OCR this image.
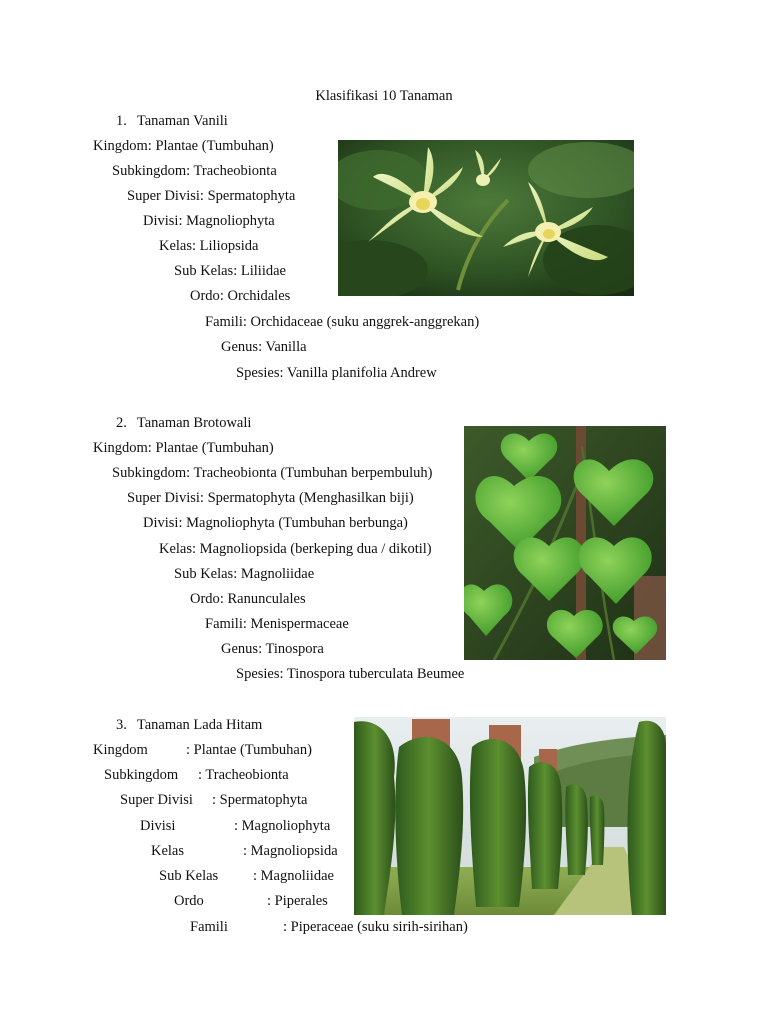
Klasifikasi 10 Tanaman
1. Tanaman Vanili
Kingdom: Plantae (Tumbuhan)
Subkingdom: Tracheobionta
Super Divisi: Spermatophyta
Divisi: Magnoliophyta
Kelas: Liliopsida
Sub Kelas: Liliidae
Ordo: Orchidales
Famili: Orchidaceae (suku anggrek-anggrekan)
Genus: Vanilla
Spesies: Vanilla planifolia Andrew
2. Tanaman Brotowali
Kingdom: Plantae (Tumbuhan)
Subkingdom: Tracheobionta (Tumbuhan berpembuluh)
Super Divisi: Spermatophyta (Menghasilkan biji)
Divisi: Magnoliophyta (Tumbuhan berbunga)
Kelas: Magnoliopsida (berkeping dua / dikotil)
Sub Kelas: Magnoliidae
Ordo: Ranunculales
Famili: Menispermaceae
Genus: Tinospora
Spesies: Tinospora tuberculata Beumee
3. Tanaman Lada Hitam
Kingdom	: Plantae (Tumbuhan)
Subkingdom : Tracheobionta
Super Divisi : Spermatophyta
Divisi	: Magnoliophyta
Kelas	: Magnoliopsida
Sub Kelas : Magnoliidae
Ordo	: Piperales
Famili	: Piperaceae (suku sirih-sirihan)
